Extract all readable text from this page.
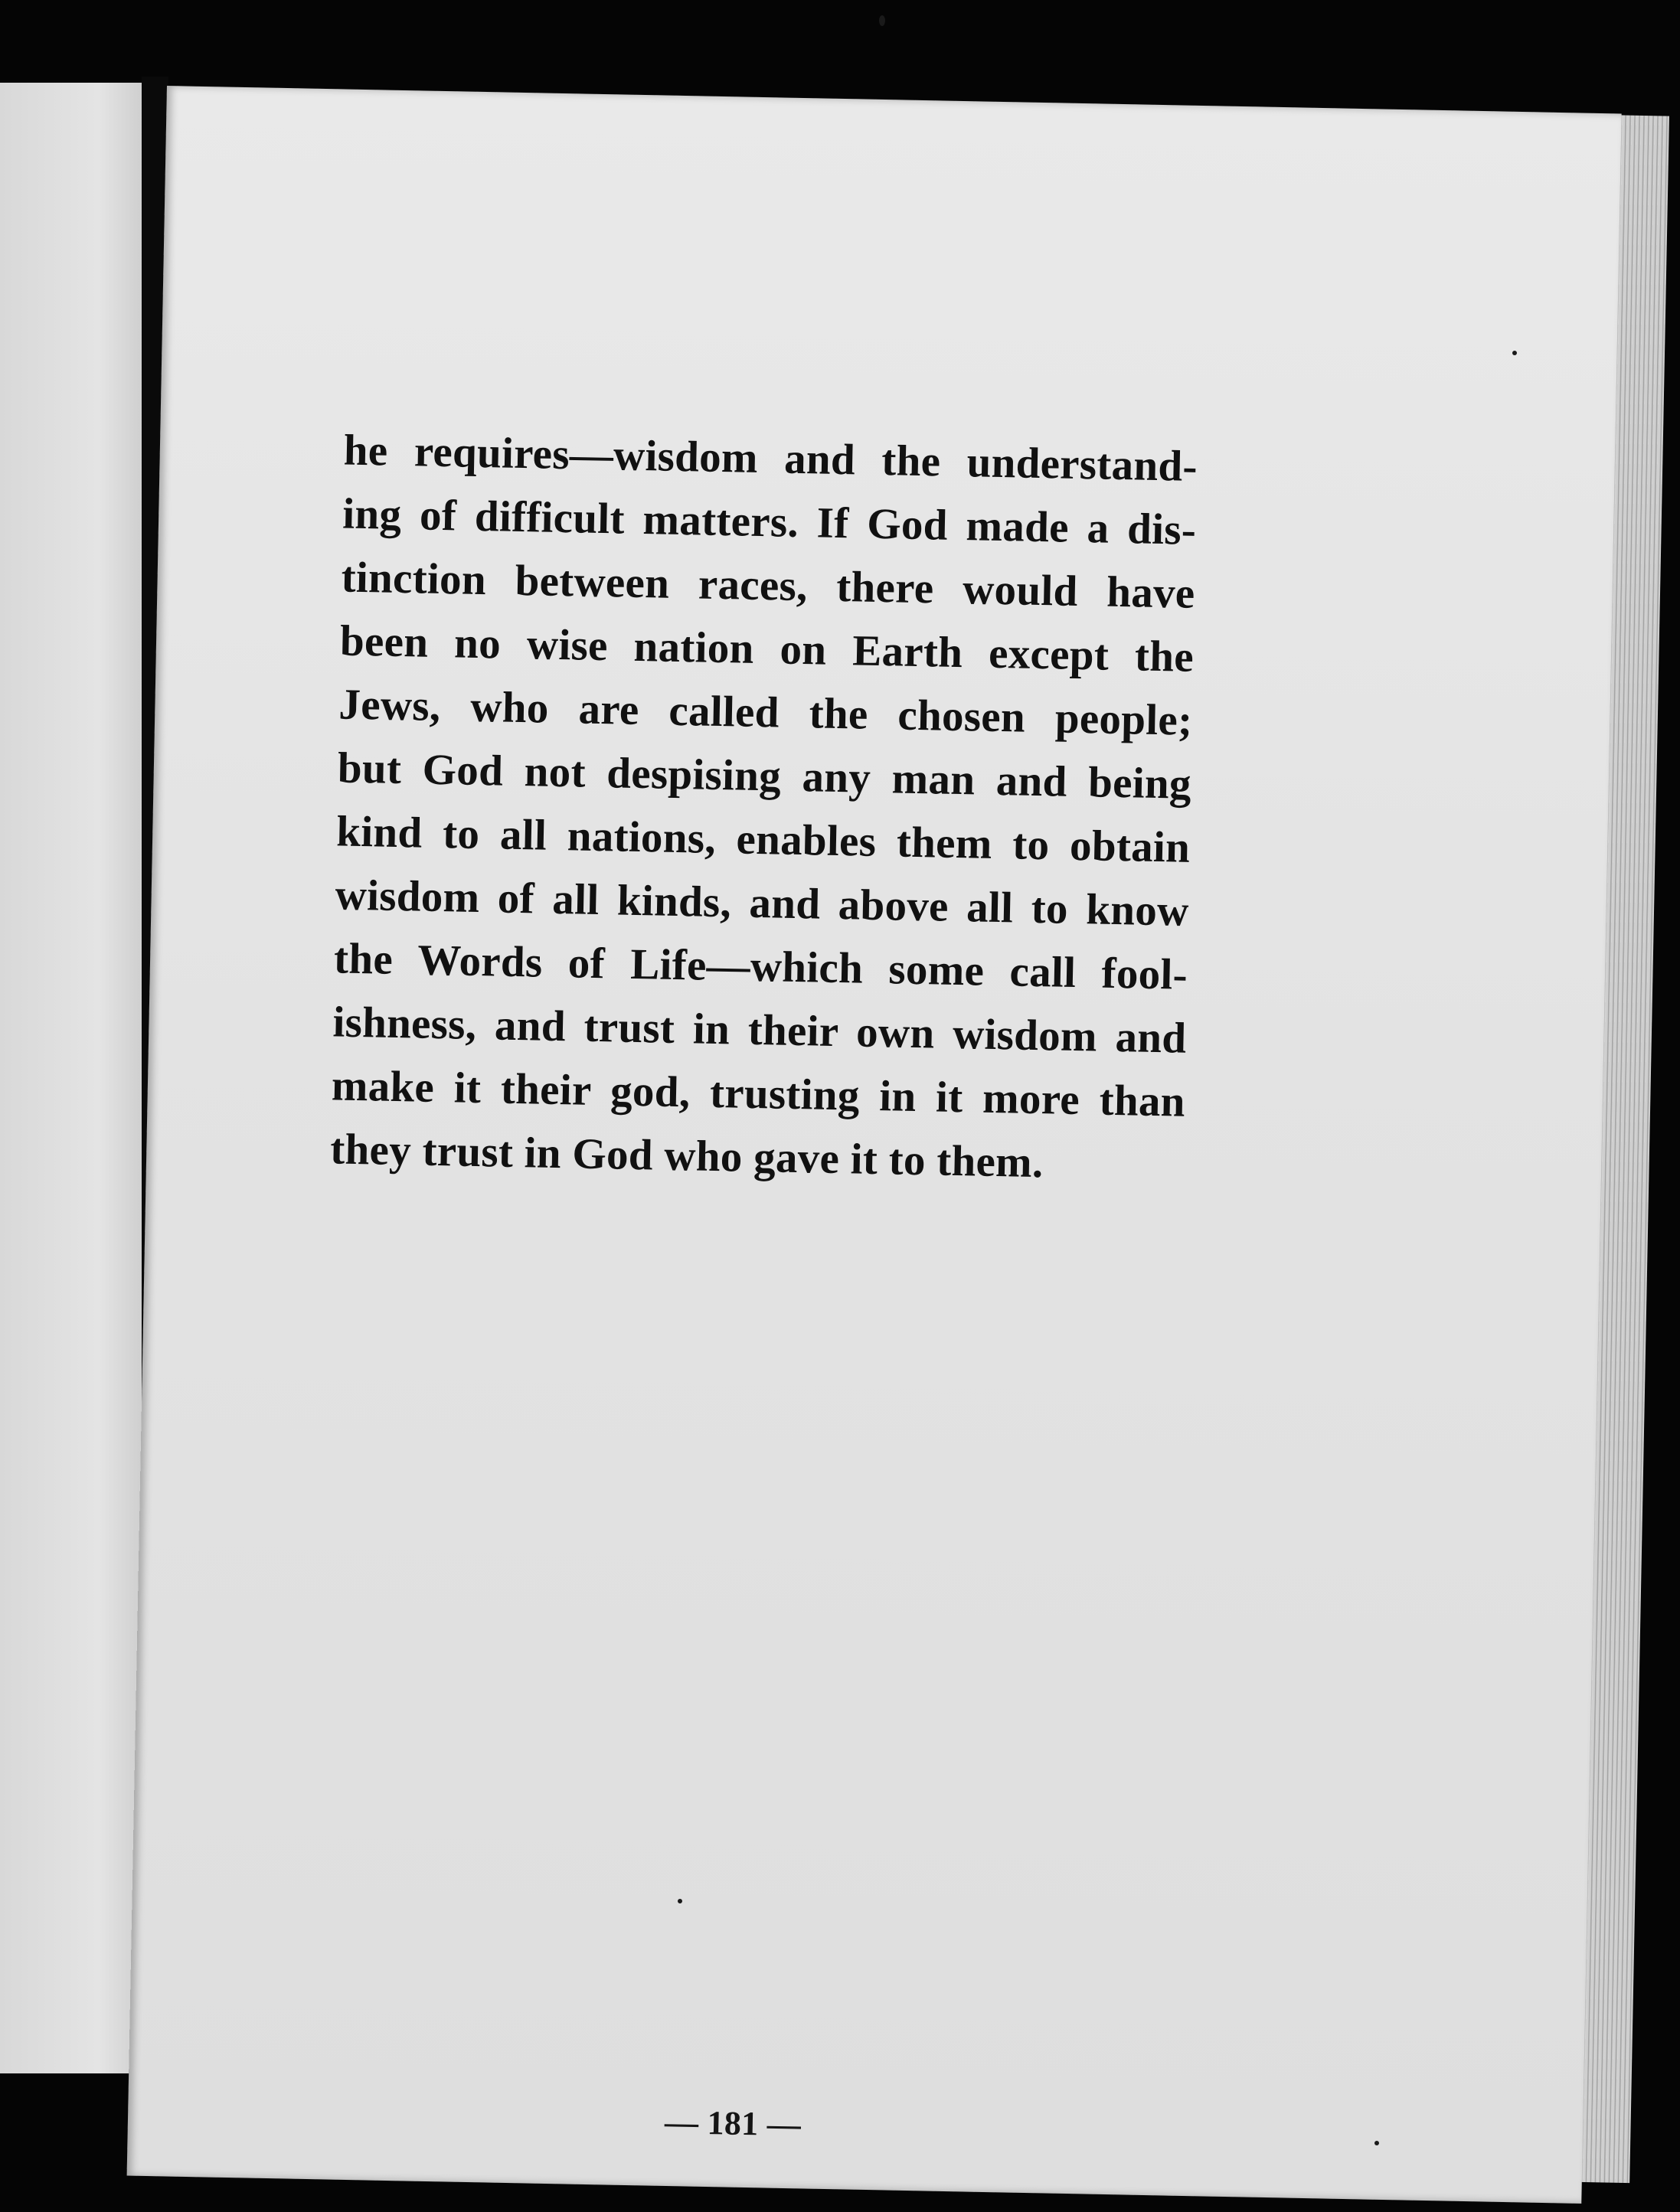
he requires—wisdom and the understand-
ing of difficult matters. If God made a dis-
tinction between races, there would have
been no wise nation on Earth except the
Jews, who are called the chosen people;
but God not despising any man and being
kind to all nations, enables them to obtain
wisdom of all kinds, and above all to know
the Words of Life—which some call fool-
ishness, and trust in their own wisdom and
make it their god, trusting in it more than
they trust in God who gave it to them.
— 181 —
